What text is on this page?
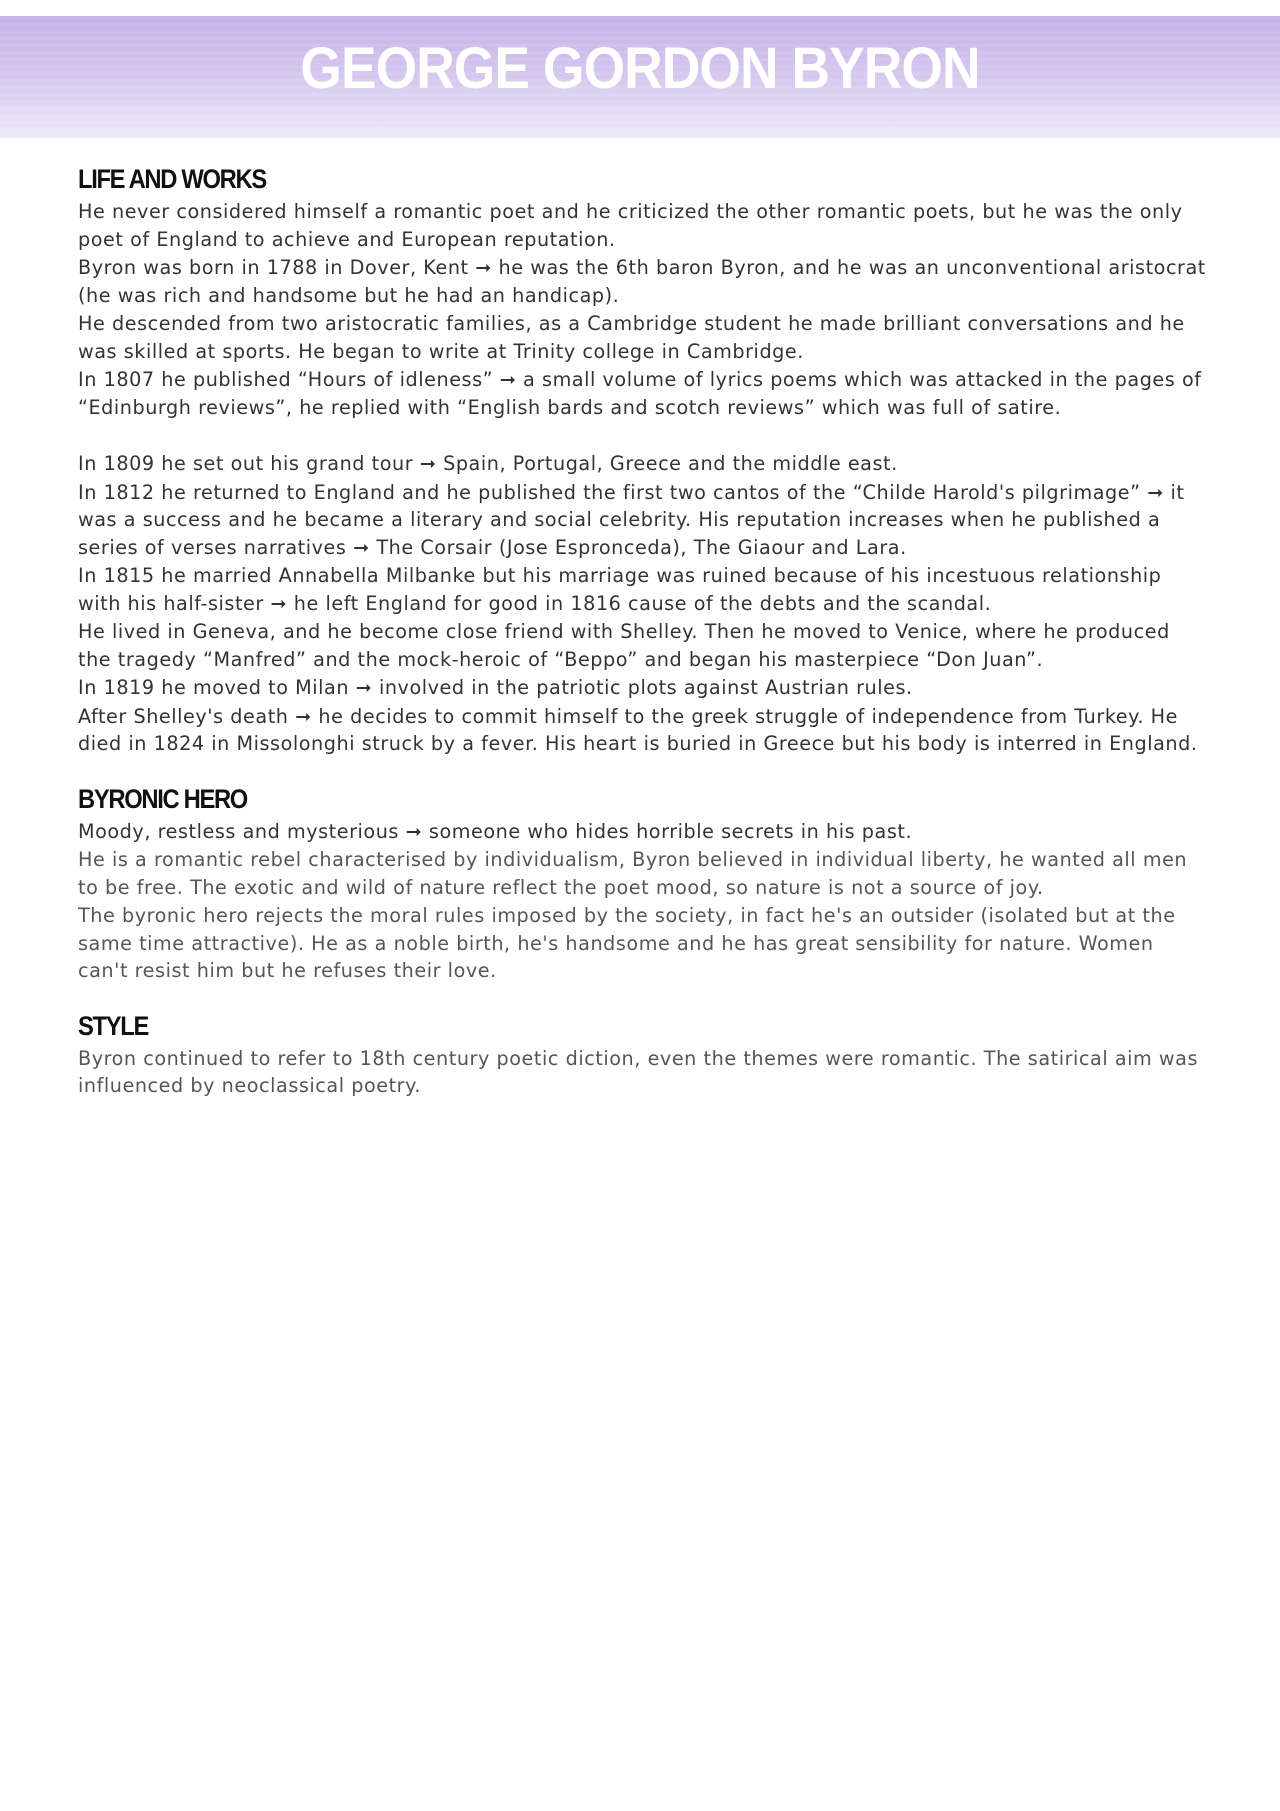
GEORGE GORDON BYRON
LIFE AND WORKS
He never considered himself a romantic poet and he criticized the other romantic poets, but he was the only poet of England to achieve and European reputation.
Byron was born in 1788 in Dover, Kent ➞ he was the 6th baron Byron, and he was an unconventional aristocrat (he was rich and handsome but he had an handicap).
He descended from two aristocratic families, as a Cambridge student he made brilliant conversations and he was skilled at sports. He began to write at Trinity college in Cambridge.
In 1807 he published “Hours of idleness” ➞ a small volume of lyrics poems which was attacked in the pages of “Edinburgh reviews”, he replied with “English bards and scotch reviews” which was full of satire.
In 1809 he set out his grand tour ➞ Spain, Portugal, Greece and the middle east.
In 1812 he returned to England and he published the first two cantos of the “Childe Harold's pilgrimage” ➞ it was a success and he became a literary and social celebrity. His reputation increases when he published a series of verses narratives ➞ The Corsair (Jose Espronceda), The Giaour and Lara.
In 1815 he married Annabella Milbanke but his marriage was ruined because of his incestuous relationship with his half-sister ➞ he left England for good in 1816 cause of the debts and the scandal.
He lived in Geneva, and he become close friend with Shelley. Then he moved to Venice, where he produced the tragedy “Manfred” and the mock-heroic of “Beppo” and began his masterpiece “Don Juan”.
In 1819 he moved to Milan ➞ involved in the patriotic plots against Austrian rules.
After Shelley's death ➞ he decides to commit himself to the greek struggle of independence from Turkey. He died in 1824 in Missolonghi struck by a fever. His heart is buried in Greece but his body is interred in England.
BYRONIC HERO
Moody, restless and mysterious ➞ someone who hides horrible secrets in his past.
He is a romantic rebel characterised by individualism, Byron believed in individual liberty, he wanted all men to be free. The exotic and wild of nature reflect the poet mood, so nature is not a source of joy.
The byronic hero rejects the moral rules imposed by the society, in fact he's an outsider (isolated but at the same time attractive). He as a noble birth, he's handsome and he has great sensibility for nature. Women can't resist him but he refuses their love.
STYLE
Byron continued to refer to 18th century poetic diction, even the themes were romantic. The satirical aim was influenced by neoclassical poetry.
